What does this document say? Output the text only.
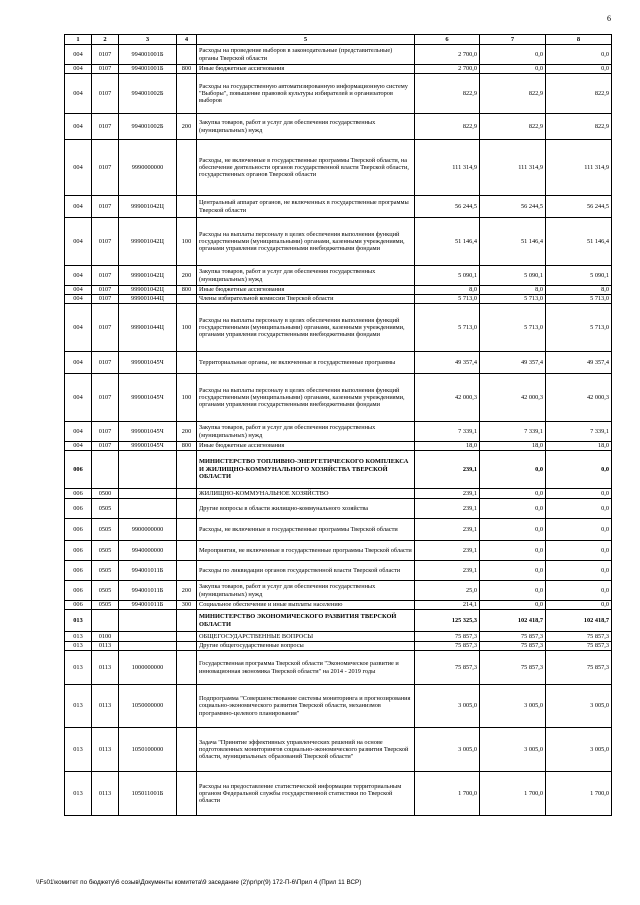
6
1	2	3	4	5	6	7	8
004	0107	994001001Б		Расходы на проведение выборов в законодательные (представительные) органы Тверской области	2 700,0	0,0	0,0
004	0107	994001001Б	800	Иные бюджетные ассигнования	2 700,0	0,0	0,0
004	0107	994001002Б		Расходы на государственную автоматизированную информационную систему "Выборы", повышение правовой культуры избирателей и организаторов выборов	822,9	822,9	822,9
004	0107	994001002Б	200	Закупка товаров, работ и услуг для обеспечения государственных (муниципальных) нужд	822,9	822,9	822,9
004	0107	9990000000		Расходы, не включенные в государственные программы Тверской области, на обеспечение деятельности органов государственной власти Тверской области, государственных органов Тверской области	111 314,9	111 314,9	111 314,9
004	0107	999001042Ц		Центральный аппарат органов, не включенных в государственные программы Тверской области	56 244,5	56 244,5	56 244,5
004	0107	999001042Ц	100	Расходы на выплаты персоналу в целях обеспечения выполнения функций государственными (муниципальными) органами, казенными учреждениями, органами управления государственными внебюджетными фондами	51 146,4	51 146,4	51 146,4
004	0107	999001042Ц	200	Закупка товаров, работ и услуг для обеспечения государственных (муниципальных) нужд	5 090,1	5 090,1	5 090,1
004	0107	999001042Ц	800	Иные бюджетные ассигнования	8,0	8,0	8,0
004	0107	999001044Ц		Члены избирательной комиссии Тверской области	5 713,0	5 713,0	5 713,0
004	0107	999001044Ц	100	Расходы на выплаты персоналу в целях обеспечения выполнения функций государственными (муниципальными) органами, казенными учреждениями, органами управления государственными внебюджетными фондами	5 713,0	5 713,0	5 713,0
004	0107	999001045Ч		Территориальные органы, не включенные в государственные программы	49 357,4	49 357,4	49 357,4
004	0107	999001045Ч	100	Расходы на выплаты персоналу в целях обеспечения выполнения функций государственными (муниципальными) органами, казенными учреждениями, органами управления государственными внебюджетными фондами	42 000,3	42 000,3	42 000,3
004	0107	999001045Ч	200	Закупка товаров, работ и услуг для обеспечения государственных (муниципальных) нужд	7 339,1	7 339,1	7 339,1
004	0107	999001045Ч	800	Иные бюджетные ассигнования	18,0	18,0	18,0
006				МИНИСТЕРСТВО ТОПЛИВНО-ЭНЕРГЕТИЧЕСКОГО КОМПЛЕКСА И ЖИЛИЩНО-КОММУНАЛЬНОГО ХОЗЯЙСТВА ТВЕРСКОЙ ОБЛАСТИ	239,1	0,0	0,0
006	0500			ЖИЛИЩНО-КОММУНАЛЬНОЕ ХОЗЯЙСТВО	239,1	0,0	0,0
006	0505			Другие вопросы в области жилищно-коммунального хозяйства	239,1	0,0	0,0
006	0505	9900000000		Расходы, не включенные в государственные программы Тверской области	239,1	0,0	0,0
006	0505	9940000000		Мероприятия, не включенные в государственные программы Тверской области	239,1	0,0	0,0
006	0505	994001011Б		Расходы по ликвидации органов государственной власти Тверской области	239,1	0,0	0,0
006	0505	994001011Б	200	Закупка товаров, работ и услуг для обеспечения государственных (муниципальных) нужд	25,0	0,0	0,0
006	0505	994001011Б	300	Социальное обеспечение и иные выплаты населению	214,1	0,0	0,0
013				МИНИСТЕРСТВО ЭКОНОМИЧЕСКОГО РАЗВИТИЯ ТВЕРСКОЙ ОБЛАСТИ	125 325,3	102 418,7	102 418,7
013	0100			ОБЩЕГОСУДАРСТВЕННЫЕ ВОПРОСЫ	75 857,3	75 857,3	75 857,3
013	0113			Другие общегосударственные вопросы	75 857,3	75 857,3	75 857,3
013	0113	1000000000		Государственная программа Тверской области "Экономическое развитие и инновационная экономика Тверской области" на 2014 - 2019 годы	75 857,3	75 857,3	75 857,3
013	0113	1050000000		Подпрограмма "Совершенствование системы мониторинга и прогнозирования социально-экономического развития Тверской области, механизмов программно-целевого планирования"	3 005,0	3 005,0	3 005,0
013	0113	1050100000		Задача "Принятие эффективных управленческих решений на основе подготовленных мониторингов социально-экономического развития Тверской области, муниципальных образований Тверской области"	3 005,0	3 005,0	3 005,0
013	0113	105011001Б		Расходы на предоставление статистической информации территориальным органом Федеральной службы государственной статистики по Тверской области	1 700,0	1 700,0	1 700,0
\\Fs01\комитет по бюджету\6 созыв\Документы комитета\9 заседание (2)\pr\pr(9) 172-П-6\Прил 4 (Прил 11 ВСР)
